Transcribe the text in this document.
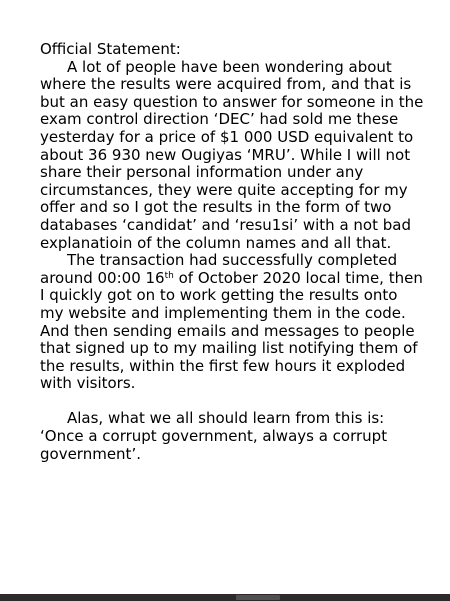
Official Statement:

A lot of people have been wondering about where the results were acquired from, and that is but an easy question to answer for someone in the exam control direction ‘DEC’ had sold me these yesterday for a price of $1 000 USD equivalent to about 36 930 new Ougiyas ‘MRU’. While I will not share their personal information under any circumstances, they were quite accepting for my offer and so I got the results in the form of two databases ‘candidat’ and ‘resu1si’ with a not bad explanatioin of the column names and all that.

The transaction had successfully completed around 00:00 16th of October 2020 local time, then I quickly got on to work getting the results onto my website and implementing them in the code.

And then sending emails and messages to people that signed up to my mailing list notifying them of the results, within the first few hours it exploded with visitors.

Alas, what we all should learn from this is: ‘Once a corrupt government, always a corrupt government’.
